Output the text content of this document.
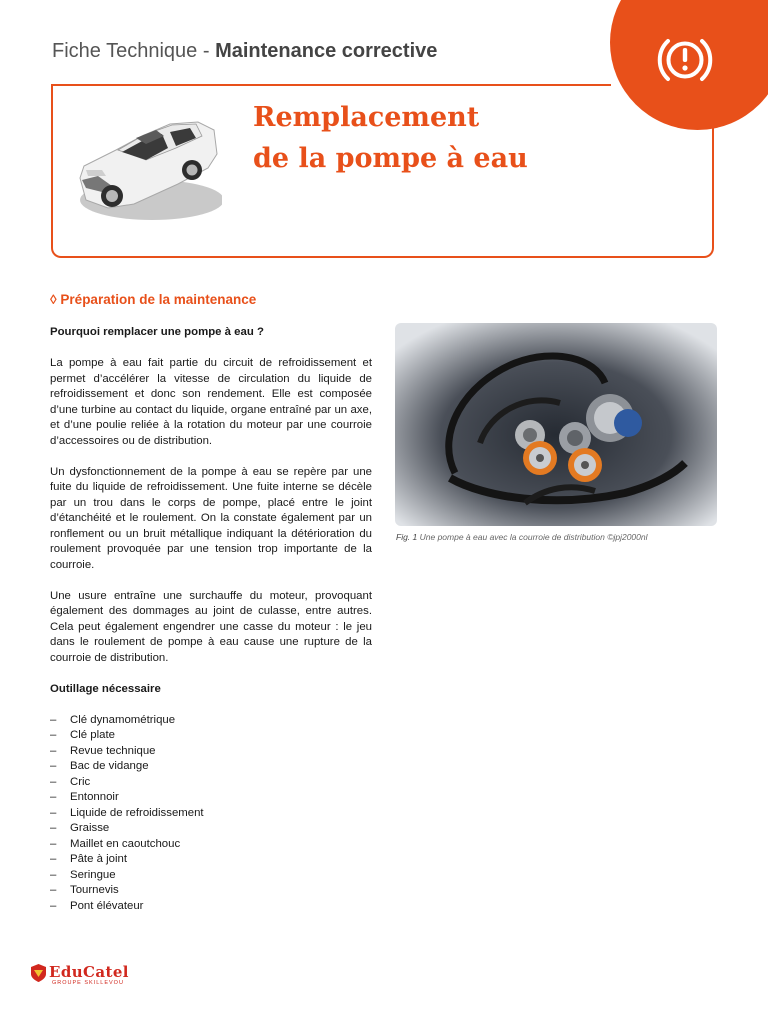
Fiche Technique - Maintenance corrective
Remplacement
de la pompe à eau
◊ Préparation de la maintenance

Pourquoi remplacer une pompe à eau ?

La pompe à eau fait partie du circuit de refroidissement et permet d’accélérer la vitesse de circulation du liquide de refroidissement et donc son rendement. Elle est composée d’une turbine au contact du liquide, organe entraîné par un axe, et d’une poulie reliée à la rotation du moteur par une courroie d’accessoires ou de distribution.

Un dysfonctionnement de la pompe à eau se repère par une fuite du liquide de refroidissement. Une fuite interne se décèle par un trou dans le corps de pompe, placé entre le joint d’étanchéité et le roulement. On la constate également par un ronflement ou un bruit métallique indiquant la détérioration du roulement provoquée par une tension trop importante de la courroie.

Une usure entraîne une surchauffe du moteur, provoquant également des dommages au joint de culasse, entre autres. Cela peut également engendrer une casse du moteur : le jeu dans le roulement de pompe à eau cause une rupture de la courroie de distribution.

Outillage nécessaire

– Clé dynamométrique
– Clé plate
– Revue technique
– Bac de vidange
– Cric
– Entonnoir
– Liquide de refroidissement
– Graisse
– Maillet en caoutchouc
– Pâte à joint
– Seringue
– Tournevis
– Pont élévateur
Fig. 1 Une pompe à eau avec la courroie de distribution ©jpj2000nl
EduCatel
GROUPE SKILLEVOU
